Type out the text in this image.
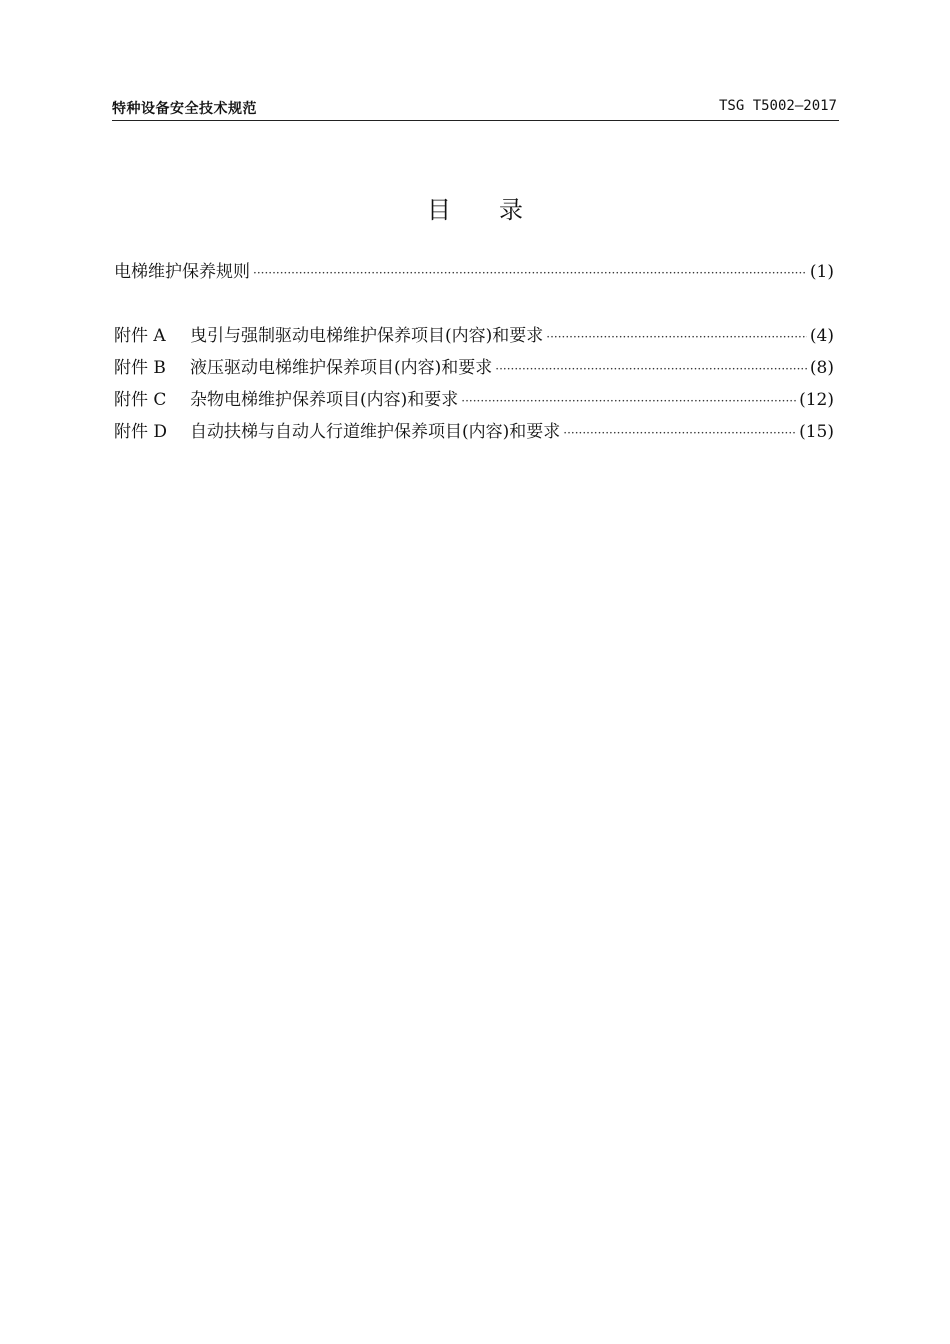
特种设备安全技术规范	TSG T5002—2017
目录
电梯维护保养规则 ·····	(1)
附件 A	曳引与强制驱动电梯维护保养项目(内容)和要求 ·····	(4)
附件 B	液压驱动电梯维护保养项目(内容)和要求 ·····	(8)
附件 C	杂物电梯维护保养项目(内容)和要求 ·····	(12)
附件 D	自动扶梯与自动人行道维护保养项目(内容)和要求 ·····	(15)
